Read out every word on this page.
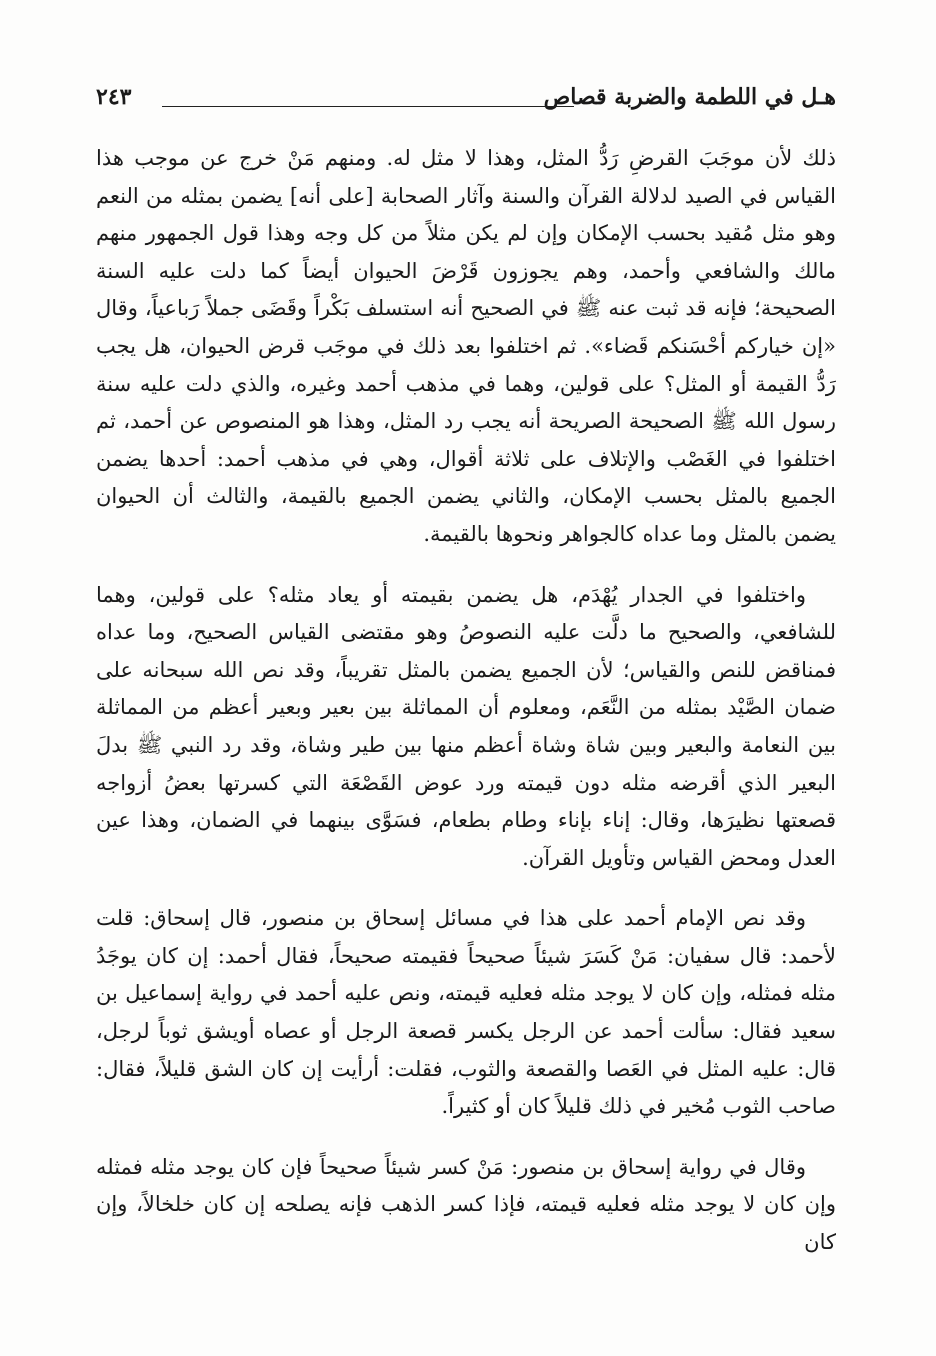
هـل في اللطمة والضربة قصاص
٢٤٣

ذلك لأن موجَبَ القرضِ رَدُّ المثل، وهذا لا مثل له. ومنهم مَنْ خرج عن موجب هذا القياس في الصيد لدلالة القرآن والسنة وآثار الصحابة [على أنه] يضمن بمثله من النعم وهو مثل مُقيد بحسب الإمكان وإن لم يكن مثلاً من كل وجه وهذا قول الجمهور منهم مالك والشافعي وأحمد، وهم يجوزون قَرْضَ الحيوان أيضاً كما دلت عليه السنة الصحيحة؛ فإنه قد ثبت عنه ﷺ في الصحيح أنه استسلف بَكْراً وقَضَى جملاً رَباعياً، وقال «إن خياركم أحْسَنكم قَضاء». ثم اختلفوا بعد ذلك في موجَب قرض الحيوان، هل يجب رَدُّ القيمة أو المثل؟ على قولين، وهما في مذهب أحمد وغيره، والذي دلت عليه سنة رسول الله ﷺ الصحيحة الصريحة أنه يجب رد المثل، وهذا هو المنصوص عن أحمد، ثم اختلفوا في الغَصْب والإتلاف على ثلاثة أقوال، وهي في مذهب أحمد: أحدها يضمن الجميع بالمثل بحسب الإمكان، والثاني يضمن الجميع بالقيمة، والثالث أن الحيوان يضمن بالمثل وما عداه كالجواهر ونحوها بالقيمة.

واختلفوا في الجدار يُهْدَم، هل يضمن بقيمته أو يعاد مثله؟ على قولين، وهما للشافعي، والصحيح ما دلَّت عليه النصوصُ وهو مقتضى القياس الصحيح، وما عداه فمناقض للنص والقياس؛ لأن الجميع يضمن بالمثل تقريباً، وقد نص الله سبحانه على ضمان الصَّيْد بمثله من النَّعَم، ومعلوم أن المماثلة بين بعير وبعير أعظم من المماثلة بين النعامة والبعير وبين شاة وشاة أعظم منها بين طير وشاة، وقد رد النبي ﷺ بدلَ البعير الذي أقرضه مثله دون قيمته ورد عوض القَصْعَة التي كسرتها بعضُ أزواجه قصعتها نظيرَها، وقال: إناء بإناء وطام بطعام، فسَوَّى بينهما في الضمان، وهذا عين العدل ومحض القياس وتأويل القرآن.

وقد نص الإمام أحمد على هذا في مسائل إسحاق بن منصور، قال إسحاق: قلت لأحمد: قال سفيان: مَنْ كَسَرَ شيئاً صحيحاً فقيمته صحيحاً، فقال أحمد: إن كان يوجَدُ مثله فمثله، وإن كان لا يوجد مثله فعليه قيمته، ونص عليه أحمد في رواية إسماعيل بن سعيد فقال: سألت أحمد عن الرجل يكسر قصعة الرجل أو عصاه أويشق ثوباً لرجل، قال: عليه المثل في العَصا والقصعة والثوب، فقلت: أرأيت إن كان الشق قليلاً، فقال: صاحب الثوب مُخير في ذلك قليلاً كان أو كثيراً.

وقال في رواية إسحاق بن منصور: مَنْ كسر شيئاً صحيحاً فإن كان يوجد مثله فمثله وإن كان لا يوجد مثله فعليه قيمته، فإذا كسر الذهب فإنه يصلحه إن كان خلخالاً، وإن كان
